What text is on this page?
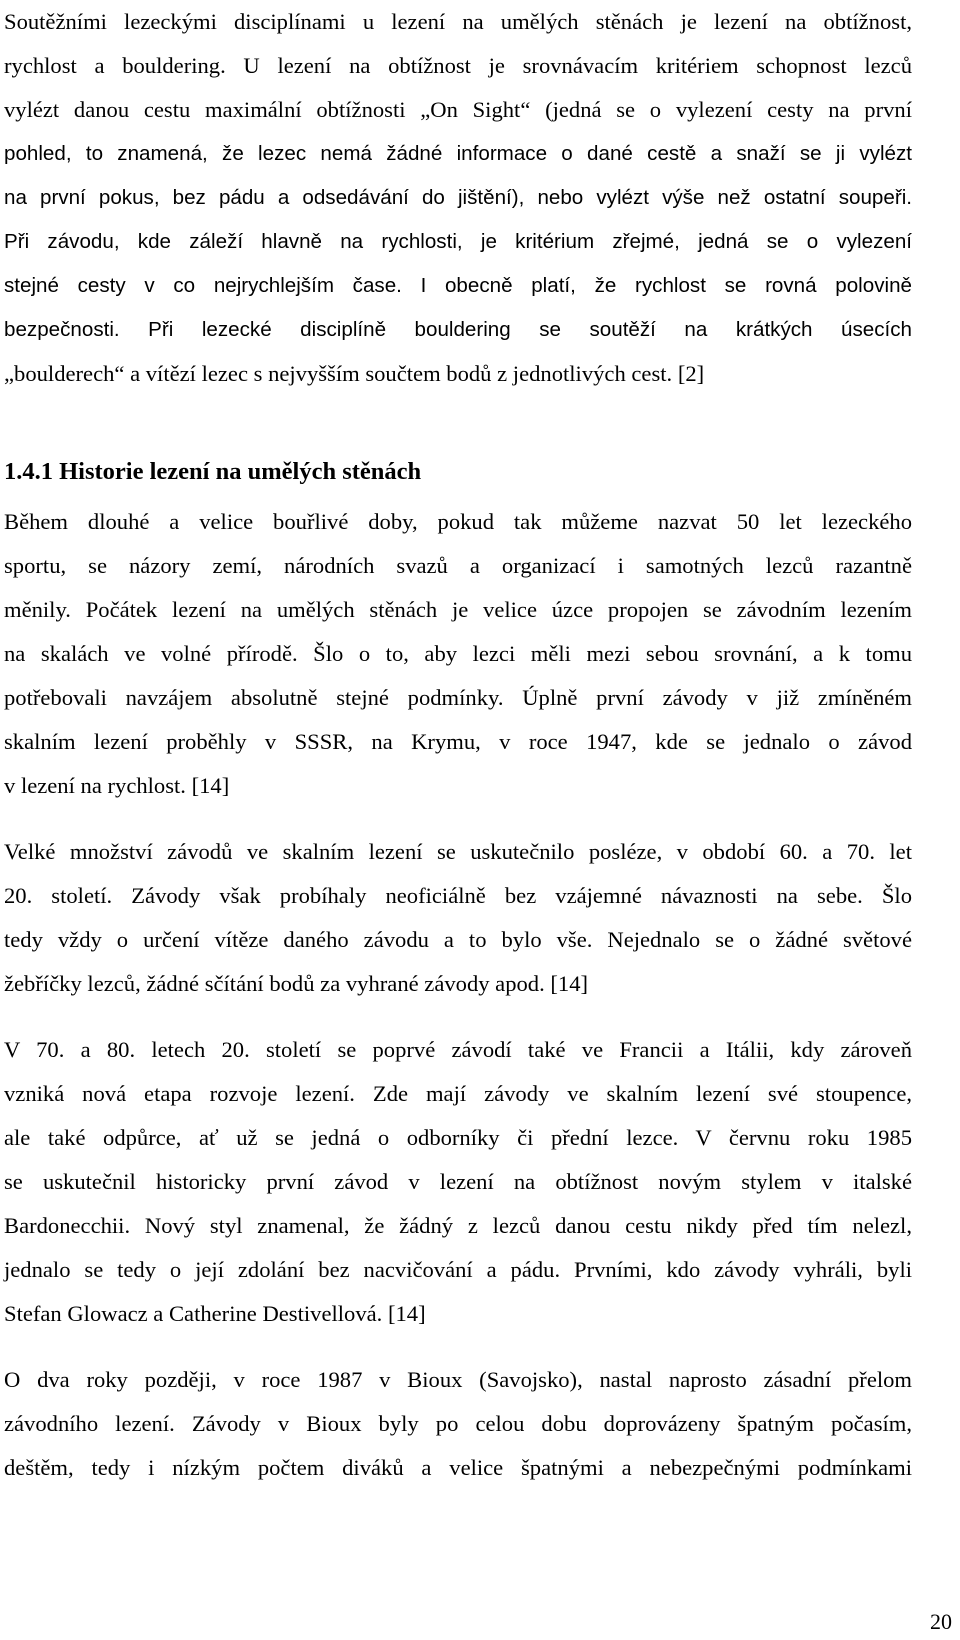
Soutěžními lezeckými disciplínami u lezení na umělých stěnách je lezení na obtížnost,

rychlost a bouldering. U lezení na obtížnost je srovnávacím kritériem schopnost lezců

vylézt danou cestu maximální obtížnosti „On Sight“ (jedná se o vylezení cesty na první

pohled, to znamená, že lezec nemá žádné informace o dané cestě a snaží se ji vylézt

na první pokus, bez pádu a odsedávání do jištění), nebo vylézt výše než ostatní soupeři.

Při závodu, kde záleží hlavně na rychlosti, je kritérium zřejmé, jedná se o vylezení

stejné cesty v co nejrychlejším čase. I obecně platí, že rychlost se rovná polovině

bezpečnosti. Při lezecké disciplíně bouldering se soutěží na krátkých úsecích

„boulderech“ a vítězí lezec s nejvyšším součtem bodů z jednotlivých cest. [2]

1.4.1 Historie lezení na umělých stěnách

Během dlouhé a velice bouřlivé doby, pokud tak můžeme nazvat 50 let lezeckého

sportu, se názory zemí, národních svazů a organizací i samotných lezců razantně

měnily. Počátek lezení na umělých stěnách je velice úzce propojen se závodním lezením

na skalách ve volné přírodě. Šlo o to, aby lezci měli mezi sebou srovnání, a k tomu

potřebovali navzájem absolutně stejné podmínky. Úplně první závody v již zmíněném

skalním lezení proběhly v SSSR, na Krymu, v roce 1947, kde se jednalo o závod

v lezení na rychlost. [14]

Velké množství závodů ve skalním lezení se uskutečnilo posléze, v období 60. a 70. let

20. století. Závody však probíhaly neoficiálně bez vzájemné návaznosti na sebe. Šlo

tedy vždy o určení vítěze daného závodu a to bylo vše. Nejednalo se o žádné světové

žebříčky lezců, žádné sčítání bodů za vyhrané závody apod. [14]

V 70. a 80. letech 20. století se poprvé závodí také ve Francii a Itálii, kdy zároveň

vzniká nová etapa rozvoje lezení. Zde mají závody ve skalním lezení své stoupence,

ale také odpůrce, ať už se jedná o odborníky či přední lezce. V červnu roku 1985

se uskutečnil historicky první závod v lezení na obtížnost novým stylem v italské

Bardonecchii. Nový styl znamenal, že žádný z lezců danou cestu nikdy před tím nelezl,

jednalo se tedy o její zdolání bez nacvičování a pádu. Prvními, kdo závody vyhráli, byli

Stefan Glowacz a Catherine Destivellová. [14]

O dva roky později, v roce 1987 v Bioux (Savojsko), nastal naprosto zásadní přelom

závodního lezení. Závody v Bioux byly po celou dobu doprovázeny špatným počasím,

deštěm, tedy i nízkým počtem diváků a velice špatnými a nebezpečnými podmínkami

20
